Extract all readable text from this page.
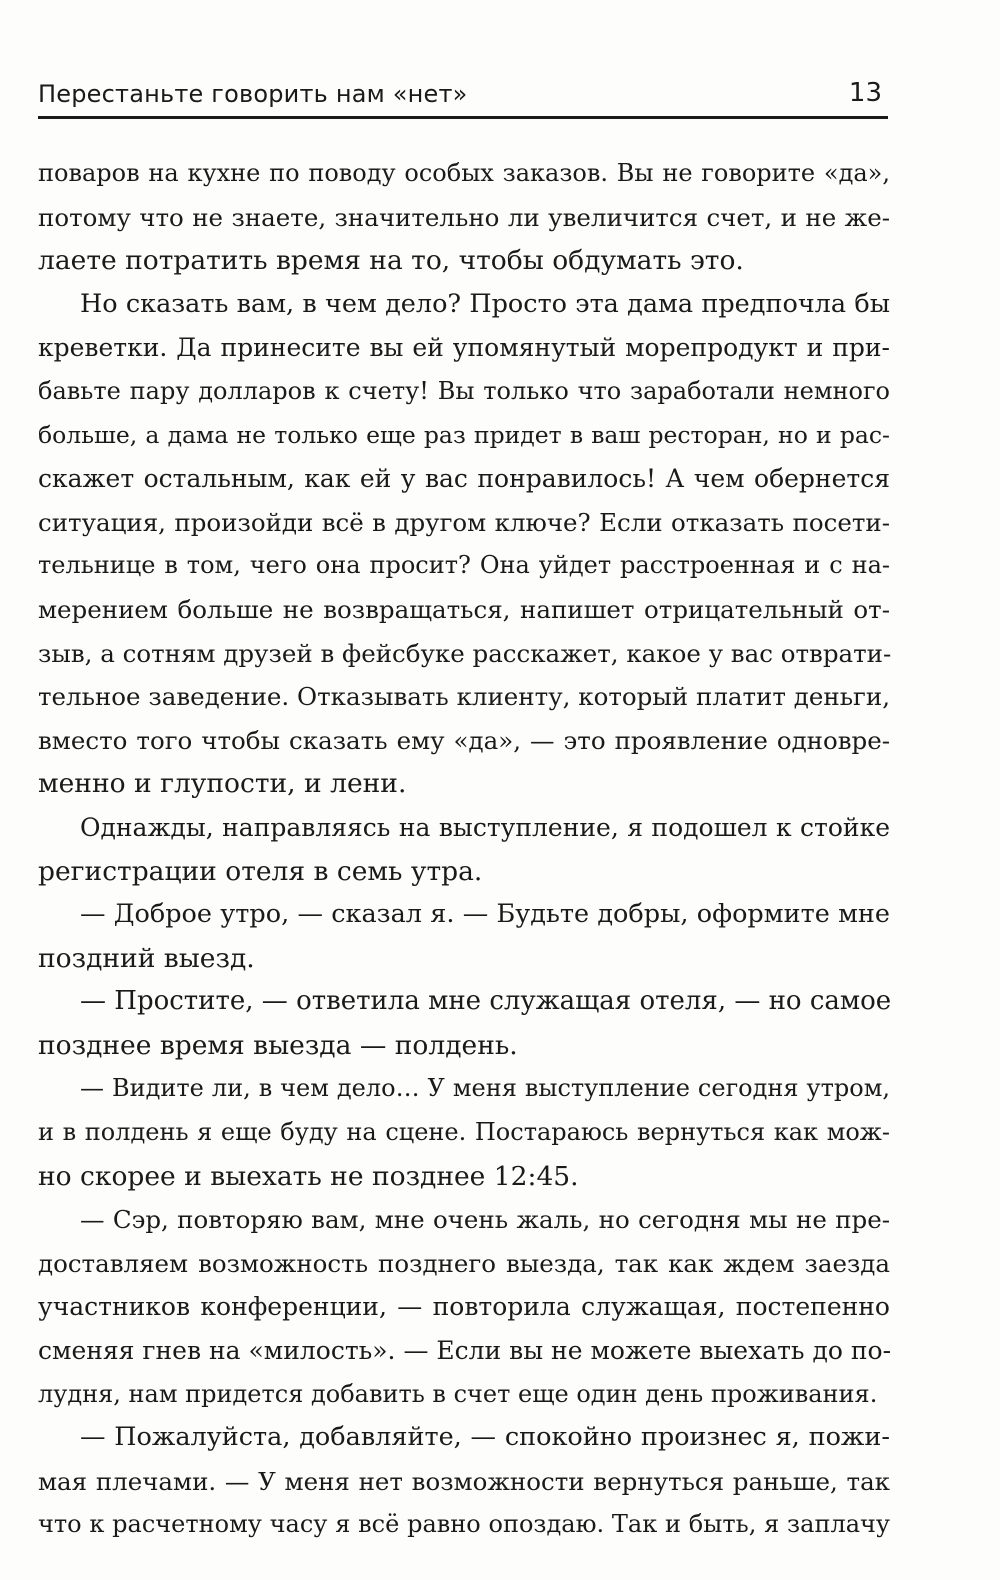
Перестаньте говорить нам «нет»	13
поваров на кухне по поводу особых заказов. Вы не говорите «да»,
потому что не знаете, значительно ли увеличится счет, и не же-
лаете потратить время на то, чтобы обдумать это.
Но сказать вам, в чем дело? Просто эта дама предпочла бы
креветки. Да принесите вы ей упомянутый морепродукт и при-
бавьте пару долларов к счету! Вы только что заработали немного
больше, а дама не только еще раз придет в ваш ресторан, но и рас-
скажет остальным, как ей у вас понравилось! А чем обернется
ситуация, произойди всё в другом ключе? Если отказать посети-
тельнице в том, чего она просит? Она уйдет расстроенная и с на-
мерением больше не возвращаться, напишет отрицательный от-
зыв, а сотням друзей в фейсбуке расскажет, какое у вас отврати-
тельное заведение. Отказывать клиенту, который платит деньги,
вместо того чтобы сказать ему «да», — это проявление одновре-
менно и глупости, и лени.
Однажды, направляясь на выступление, я подошел к стойке
регистрации отеля в семь утра.
— Доброе утро, — сказал я. — Будьте добры, оформите мне
поздний выезд.
— Простите, — ответила мне служащая отеля, — но самое
позднее время выезда — полдень.
— Видите ли, в чем дело… У меня выступление сегодня утром,
и в полдень я еще буду на сцене. Постараюсь вернуться как мож-
но скорее и выехать не позднее 12:45.
— Сэр, повторяю вам, мне очень жаль, но сегодня мы не пре-
доставляем возможность позднего выезда, так как ждем заезда
участников конференции, — повторила служащая, постепенно
сменяя гнев на «милость». — Если вы не можете выехать до по-
лудня, нам придется добавить в счет еще один день проживания.
— Пожалуйста, добавляйте, — спокойно произнес я, пожи-
мая плечами. — У меня нет возможности вернуться раньше, так
что к расчетному часу я всё равно опоздаю. Так и быть, я заплачу
